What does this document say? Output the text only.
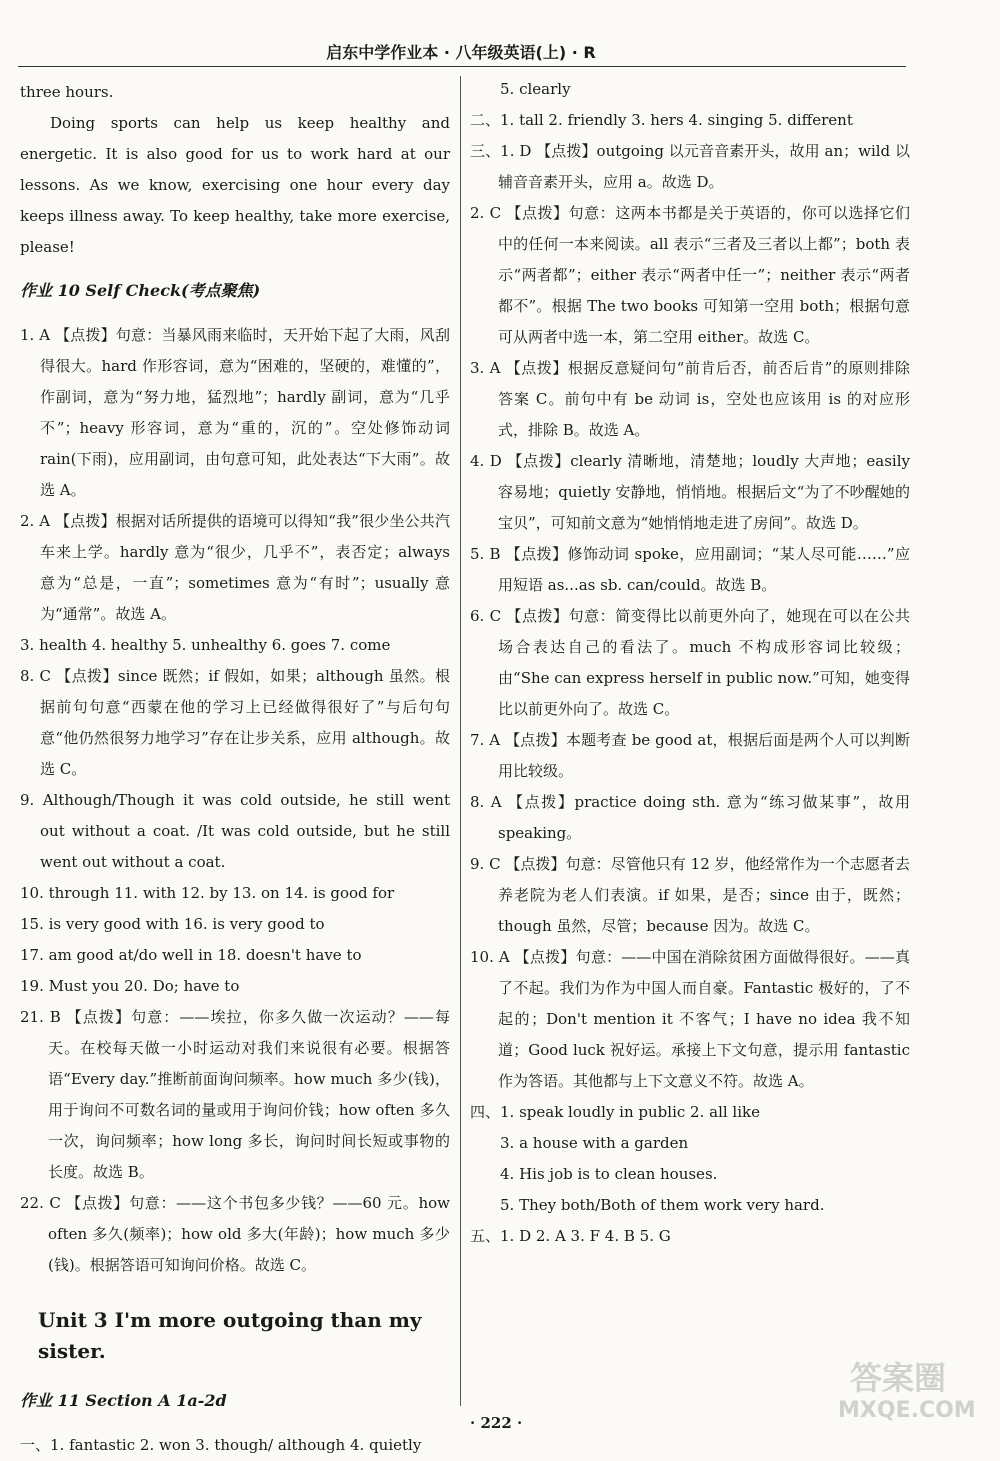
启东中学作业本 · 八年级英语(上) · R

three hours.

Doing sports can help us keep healthy and energetic. It is also good for us to work hard at our lessons. As we know, exercising one hour every day keeps illness away. To keep healthy, take more exercise, please!

作业 10 Self Check(考点聚焦)

1. A 【点拨】句意：当暴风雨来临时，天开始下起了大雨，风刮得很大。hard 作形容词，意为“困难的，坚硬的，难懂的”，作副词，意为“努力地，猛烈地”；hardly 副词，意为“几乎不”；heavy 形容词，意为“重的，沉的”。空处修饰动词 rain(下雨)，应用副词，由句意可知，此处表达“下大雨”。故选 A。

2. A 【点拨】根据对话所提供的语境可以得知“我”很少坐公共汽车来上学。hardly 意为“很少，几乎不”，表否定；always 意为“总是，一直”；sometimes 意为“有时”；usually 意为“通常”。故选 A。

3. health 4. healthy 5. unhealthy 6. goes 7. come

8. C 【点拨】since 既然；if 假如，如果；although 虽然。根据前句句意“西蒙在他的学习上已经做得很好了”与后句句意“他仍然很努力地学习”存在让步关系，应用 although。故选 C。

9. Although/Though it was cold outside, he still went out without a coat. /It was cold outside, but he still went out without a coat.

10. through 11. with 12. by 13. on 14. is good for

15. is very good with 16. is very good to

17. am good at/do well in 18. doesn't have to

19. Must you 20. Do; have to

21. B 【点拨】句意：——埃拉，你多久做一次运动？——每天。在校每天做一小时运动对我们来说很有必要。根据答语“Every day.”推断前面询问频率。how much 多少(钱)，用于询问不可数名词的量或用于询问价钱；how often 多久一次，询问频率；how long 多长，询问时间长短或事物的长度。故选 B。

22. C 【点拨】句意：——这个书包多少钱？——60 元。how often 多久(频率)；how old 多大(年龄)；how much 多少(钱)。根据答语可知询问价格。故选 C。

Unit 3 I'm more outgoing than my sister.

作业 11 Section A 1a-2d

一、1. fantastic 2. won 3. though/ although 4. quietly

5. clearly

二、1. tall 2. friendly 3. hers 4. singing 5. different

三、1. D 【点拨】outgoing 以元音音素开头，故用 an；wild 以辅音音素开头，应用 a。故选 D。

2. C 【点拨】句意：这两本书都是关于英语的，你可以选择它们中的任何一本来阅读。all 表示“三者及三者以上都”；both 表示“两者都”；either 表示“两者中任一”；neither 表示“两者都不”。根据 The two books 可知第一空用 both；根据句意可从两者中选一本，第二空用 either。故选 C。

3. A 【点拨】根据反意疑问句“前肯后否，前否后肯”的原则排除答案 C。前句中有 be 动词 is，空处也应该用 is 的对应形式，排除 B。故选 A。

4. D 【点拨】clearly 清晰地，清楚地；loudly 大声地；easily 容易地；quietly 安静地，悄悄地。根据后文“为了不吵醒她的宝贝”，可知前文意为“她悄悄地走进了房间”。故选 D。

5. B 【点拨】修饰动词 spoke，应用副词；“某人尽可能……”应用短语 as...as sb. can/could。故选 B。

6. C 【点拨】句意：简变得比以前更外向了，她现在可以在公共场合表达自己的看法了。much 不构成形容词比较级；由“She can express herself in public now.”可知，她变得比以前更外向了。故选 C。

7. A 【点拨】本题考查 be good at，根据后面是两个人可以判断用比较级。

8. A 【点拨】practice doing sth. 意为“练习做某事”，故用 speaking。

9. C 【点拨】句意：尽管他只有 12 岁，他经常作为一个志愿者去养老院为老人们表演。if 如果，是否；since 由于，既然；though 虽然，尽管；because 因为。故选 C。

10. A 【点拨】句意：——中国在消除贫困方面做得很好。——真了不起。我们为作为中国人而自豪。Fantastic 极好的，了不起的；Don't mention it 不客气；I have no idea 我不知道；Good luck 祝好运。承接上下文句意，提示用 fantastic 作为答语。其他都与上下文意义不符。故选 A。

四、1. speak loudly in public 2. all like

3. a house with a garden

4. His job is to clean houses.

5. They both/Both of them work very hard.

五、1. D 2. A 3. F 4. B 5. G

· 222 ·
答案圈
MXQE.COM
